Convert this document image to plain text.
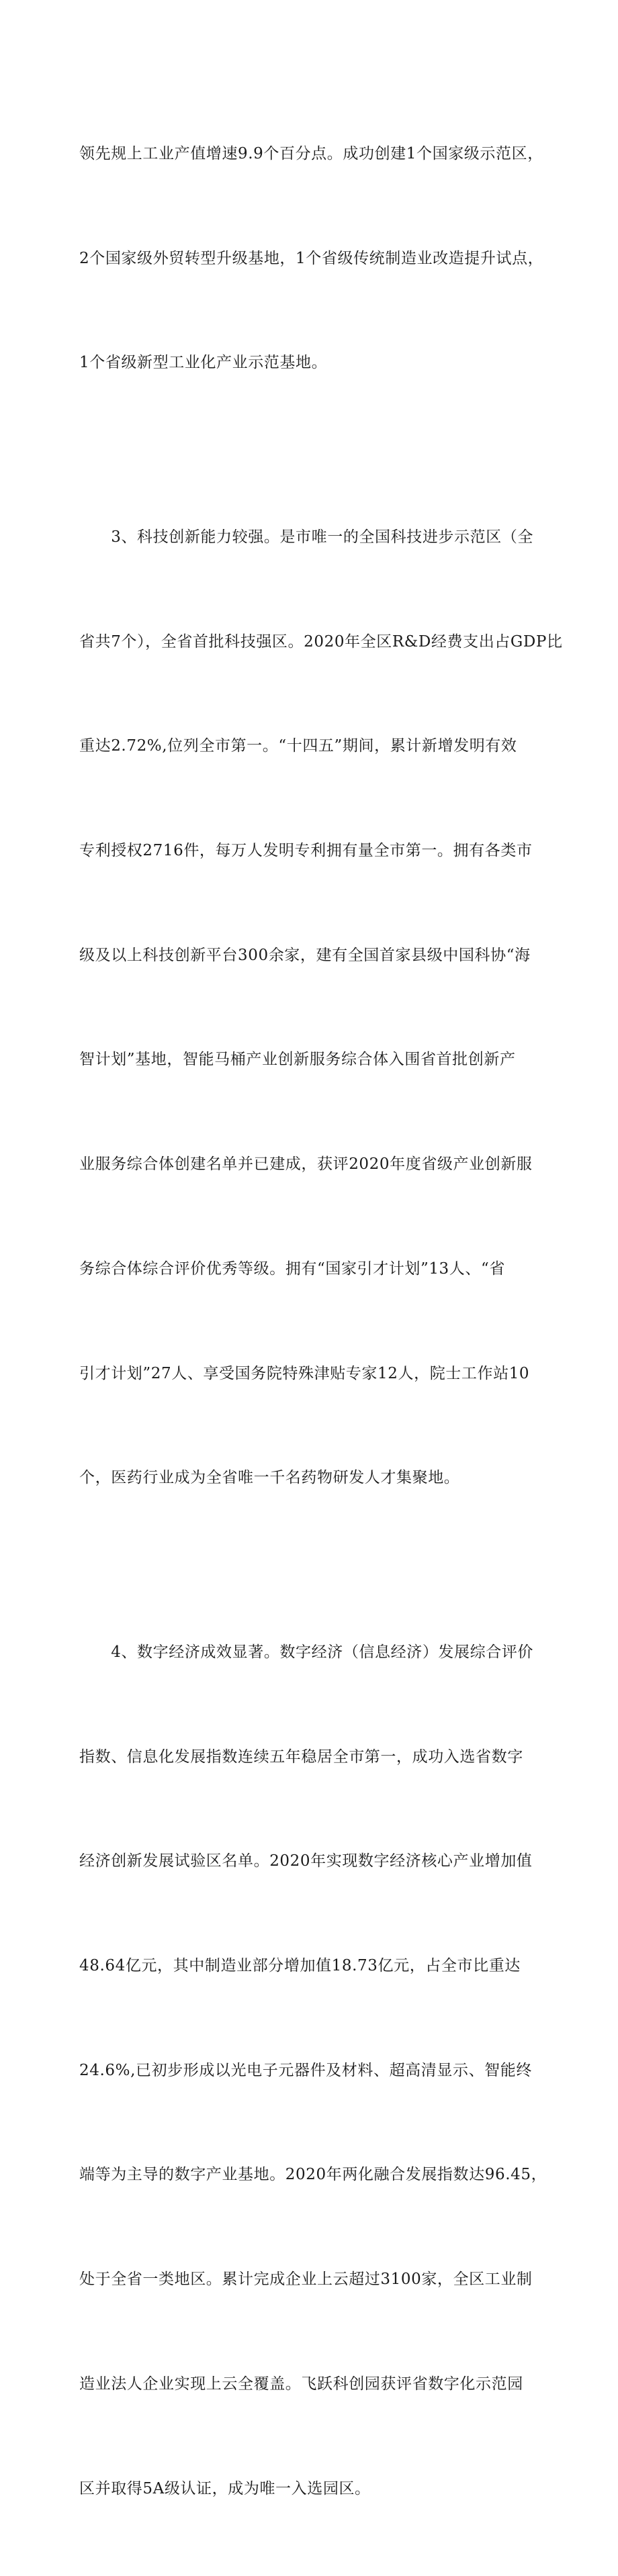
领先规上工业产值增速9.9个百分点。成功创建1个国家级示范区，

2个国家级外贸转型升级基地，1个省级传统制造业改造提升试点，

1个省级新型工业化产业示范基地。

　　3、科技创新能力较强。是市唯一的全国科技进步示范区（全

省共7个），全省首批科技强区。2020年全区R&D经费支出占GDP比

重达2.72%,位列全市第一。“十四五”期间，累计新增发明有效

专利授权2716件，每万人发明专利拥有量全市第一。拥有各类市

级及以上科技创新平台300余家，建有全国首家县级中国科协“海

智计划”基地，智能马桶产业创新服务综合体入围省首批创新产

业服务综合体创建名单并已建成，获评2020年度省级产业创新服

务综合体综合评价优秀等级。拥有“国家引才计划”13人、“省

引才计划”27人、享受国务院特殊津贴专家12人，院士工作站10

个，医药行业成为全省唯一千名药物研发人才集聚地。

　　4、数字经济成效显著。数字经济（信息经济）发展综合评价

指数、信息化发展指数连续五年稳居全市第一，成功入选省数字

经济创新发展试验区名单。2020年实现数字经济核心产业增加值

48.64亿元，其中制造业部分增加值18.73亿元，占全市比重达

24.6%,已初步形成以光电子元器件及材料、超高清显示、智能终

端等为主导的数字产业基地。2020年两化融合发展指数达96.45，

处于全省一类地区。累计完成企业上云超过3100家，全区工业制

造业法人企业实现上云全覆盖。飞跃科创园获评省数字化示范园

区并取得5A级认证，成为唯一入选园区。
